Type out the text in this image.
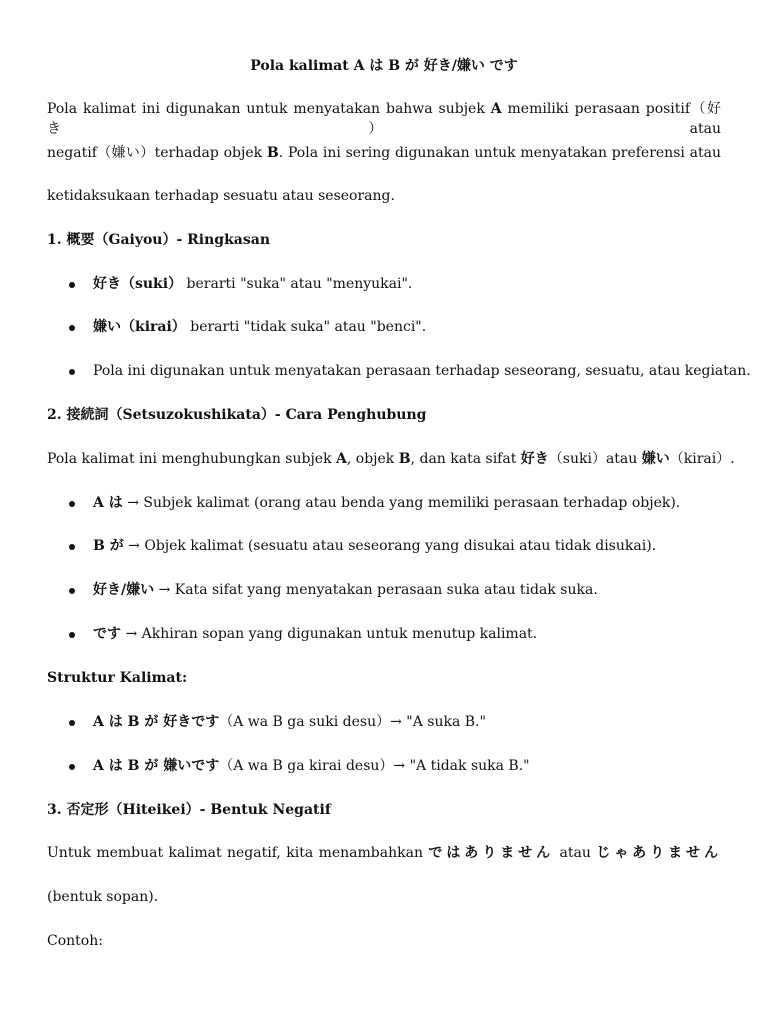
Pola kalimat A は B が 好き/嫌い です
Pola kalimat ini digunakan untuk menyatakan bahwa subjek A memiliki perasaan positif（好き）atau
negatif（嫌い）terhadap objek B. Pola ini sering digunakan untuk menyatakan preferensi atau
ketidaksukaan terhadap sesuatu atau seseorang.
1. 概要（Gaiyou）- Ringkasan
好き（suki） berarti "suka" atau "menyukai".
嫌い（kirai） berarti "tidak suka" atau "benci".
Pola ini digunakan untuk menyatakan perasaan terhadap seseorang, sesuatu, atau kegiatan.
2. 接続詞（Setsuzokushikata）- Cara Penghubung
Pola kalimat ini menghubungkan subjek A, objek B, dan kata sifat 好き（suki）atau 嫌い（kirai）.
A は → Subjek kalimat (orang atau benda yang memiliki perasaan terhadap objek).
B が → Objek kalimat (sesuatu atau seseorang yang disukai atau tidak disukai).
好き/嫌い → Kata sifat yang menyatakan perasaan suka atau tidak suka.
です → Akhiran sopan yang digunakan untuk menutup kalimat.
Struktur Kalimat:
A は B が 好きです（A wa B ga suki desu）→ "A suka B."
A は B が 嫌いです（A wa B ga kirai desu）→ "A tidak suka B."
3. 否定形（Hiteikei）- Bentuk Negatif
Untuk membuat kalimat negatif, kita menambahkan ではありません atau じゃありません
(bentuk sopan).
Contoh:
